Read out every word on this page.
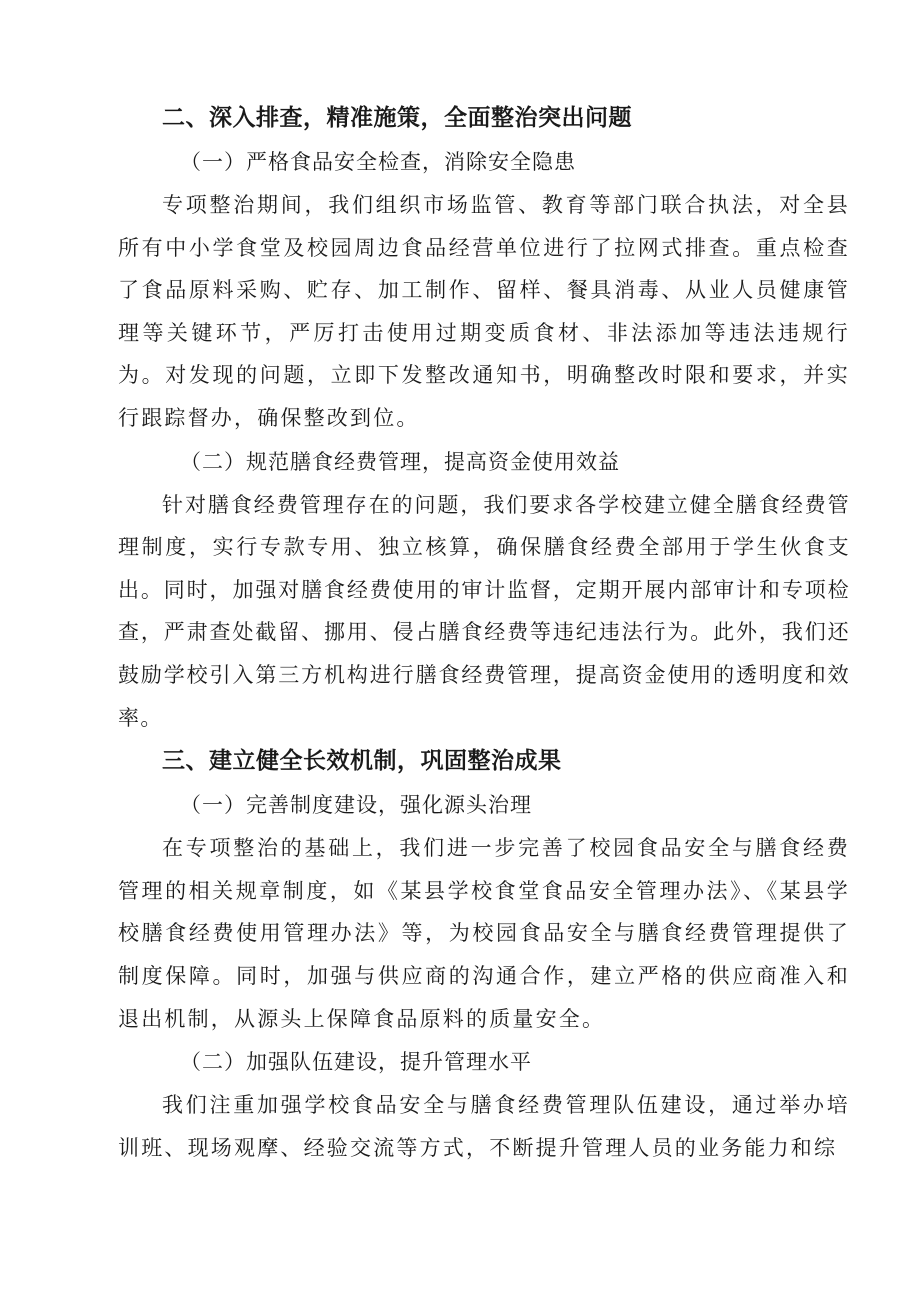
二、深入排查，精准施策，全面整治突出问题

（一）严格食品安全检查，消除安全隐患

专项整治期间，我们组织市场监管、教育等部门联合执法，对全县所有中小学食堂及校园周边食品经营单位进行了拉网式排查。重点检查了食品原料采购、贮存、加工制作、留样、餐具消毒、从业人员健康管理等关键环节，严厉打击使用过期变质食材、非法添加等违法违规行为。对发现的问题，立即下发整改通知书，明确整改时限和要求，并实行跟踪督办，确保整改到位。

（二）规范膳食经费管理，提高资金使用效益

针对膳食经费管理存在的问题，我们要求各学校建立健全膳食经费管理制度，实行专款专用、独立核算，确保膳食经费全部用于学生伙食支出。同时，加强对膳食经费使用的审计监督，定期开展内部审计和专项检查，严肃查处截留、挪用、侵占膳食经费等违纪违法行为。此外，我们还鼓励学校引入第三方机构进行膳食经费管理，提高资金使用的透明度和效率。

三、建立健全长效机制，巩固整治成果

（一）完善制度建设，强化源头治理

在专项整治的基础上，我们进一步完善了校园食品安全与膳食经费管理的相关规章制度，如《某县学校食堂食品安全管理办法》、《某县学校膳食经费使用管理办法》等，为校园食品安全与膳食经费管理提供了制度保障。同时，加强与供应商的沟通合作，建立严格的供应商准入和退出机制，从源头上保障食品原料的质量安全。

（二）加强队伍建设，提升管理水平

我们注重加强学校食品安全与膳食经费管理队伍建设，通过举办培训班、现场观摩、经验交流等方式，不断提升管理人员的业务能力和综
